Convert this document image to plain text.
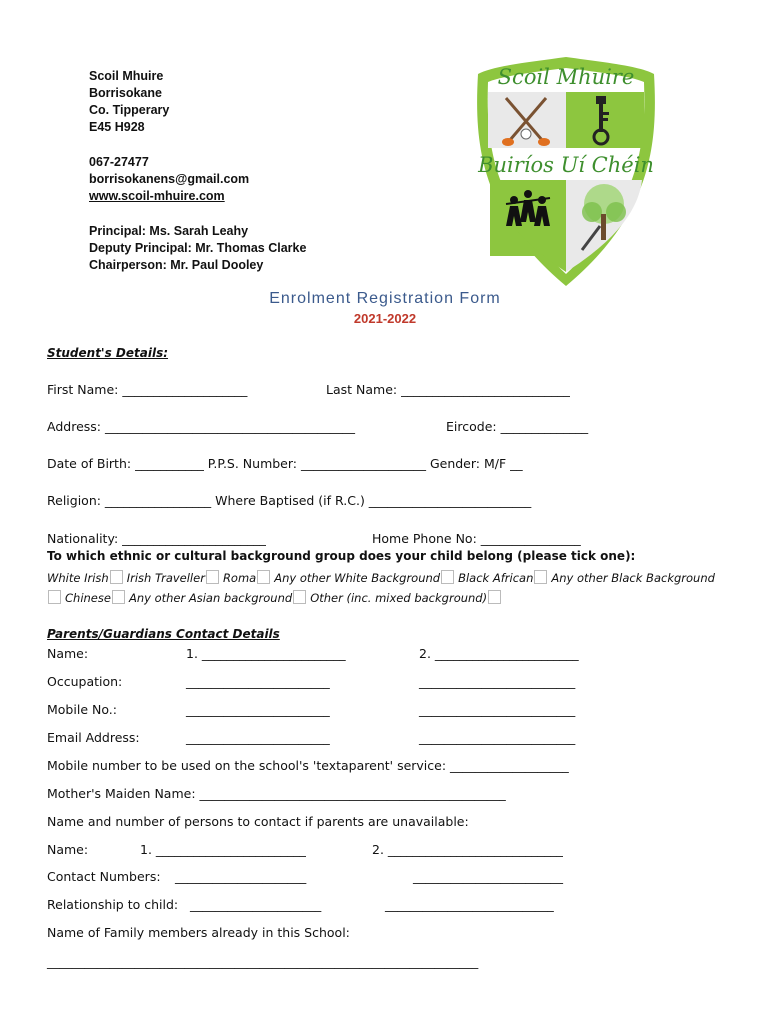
Scoil Mhuire
Borrisokane
Co. Tipperary
E45 H928
067-27477
borrisokanens@gmail.com
www.scoil-mhuire.com
Principal: Ms. Sarah Leahy
Deputy Principal: Mr. Thomas Clarke
Chairperson: Mr. Paul Dooley
Scoil Mhuire
Buiríos Uí Chéin
Enrolment Registration Form
2021-2022
Student's Details:
First Name: ____________________	Last Name: ___________________________
Address: ________________________________________	Eircode: ______________
Date of Birth: ___________ P.P.S. Number: ____________________ Gender: M/F __
Religion: _________________ Where Baptised (if R.C.) __________________________
Nationality: _______________________	Home Phone No: ________________
To which ethnic or cultural background group does your child belong (please tick one):
White Irish Irish Traveller Roma Any other White Background Black African Any other Black Background
Chinese Any other Asian background Other (inc. mixed background)
Parents/Guardians Contact Details
Name:	1. _______________________	2. _______________________
Occupation:	_______________________	_________________________
Mobile No.:	_______________________	_________________________
Email Address:	_______________________	_________________________
Mobile number to be used on the school's 'textaparent' service: ___________________
Mother's Maiden Name: _________________________________________________
Name and number of persons to contact if parents are unavailable:
Name:	1. ________________________	2. ____________________________
Contact Numbers: _____________________	________________________
Relationship to child: _____________________	___________________________
Name of Family members already in this School:
_____________________________________________________________________
